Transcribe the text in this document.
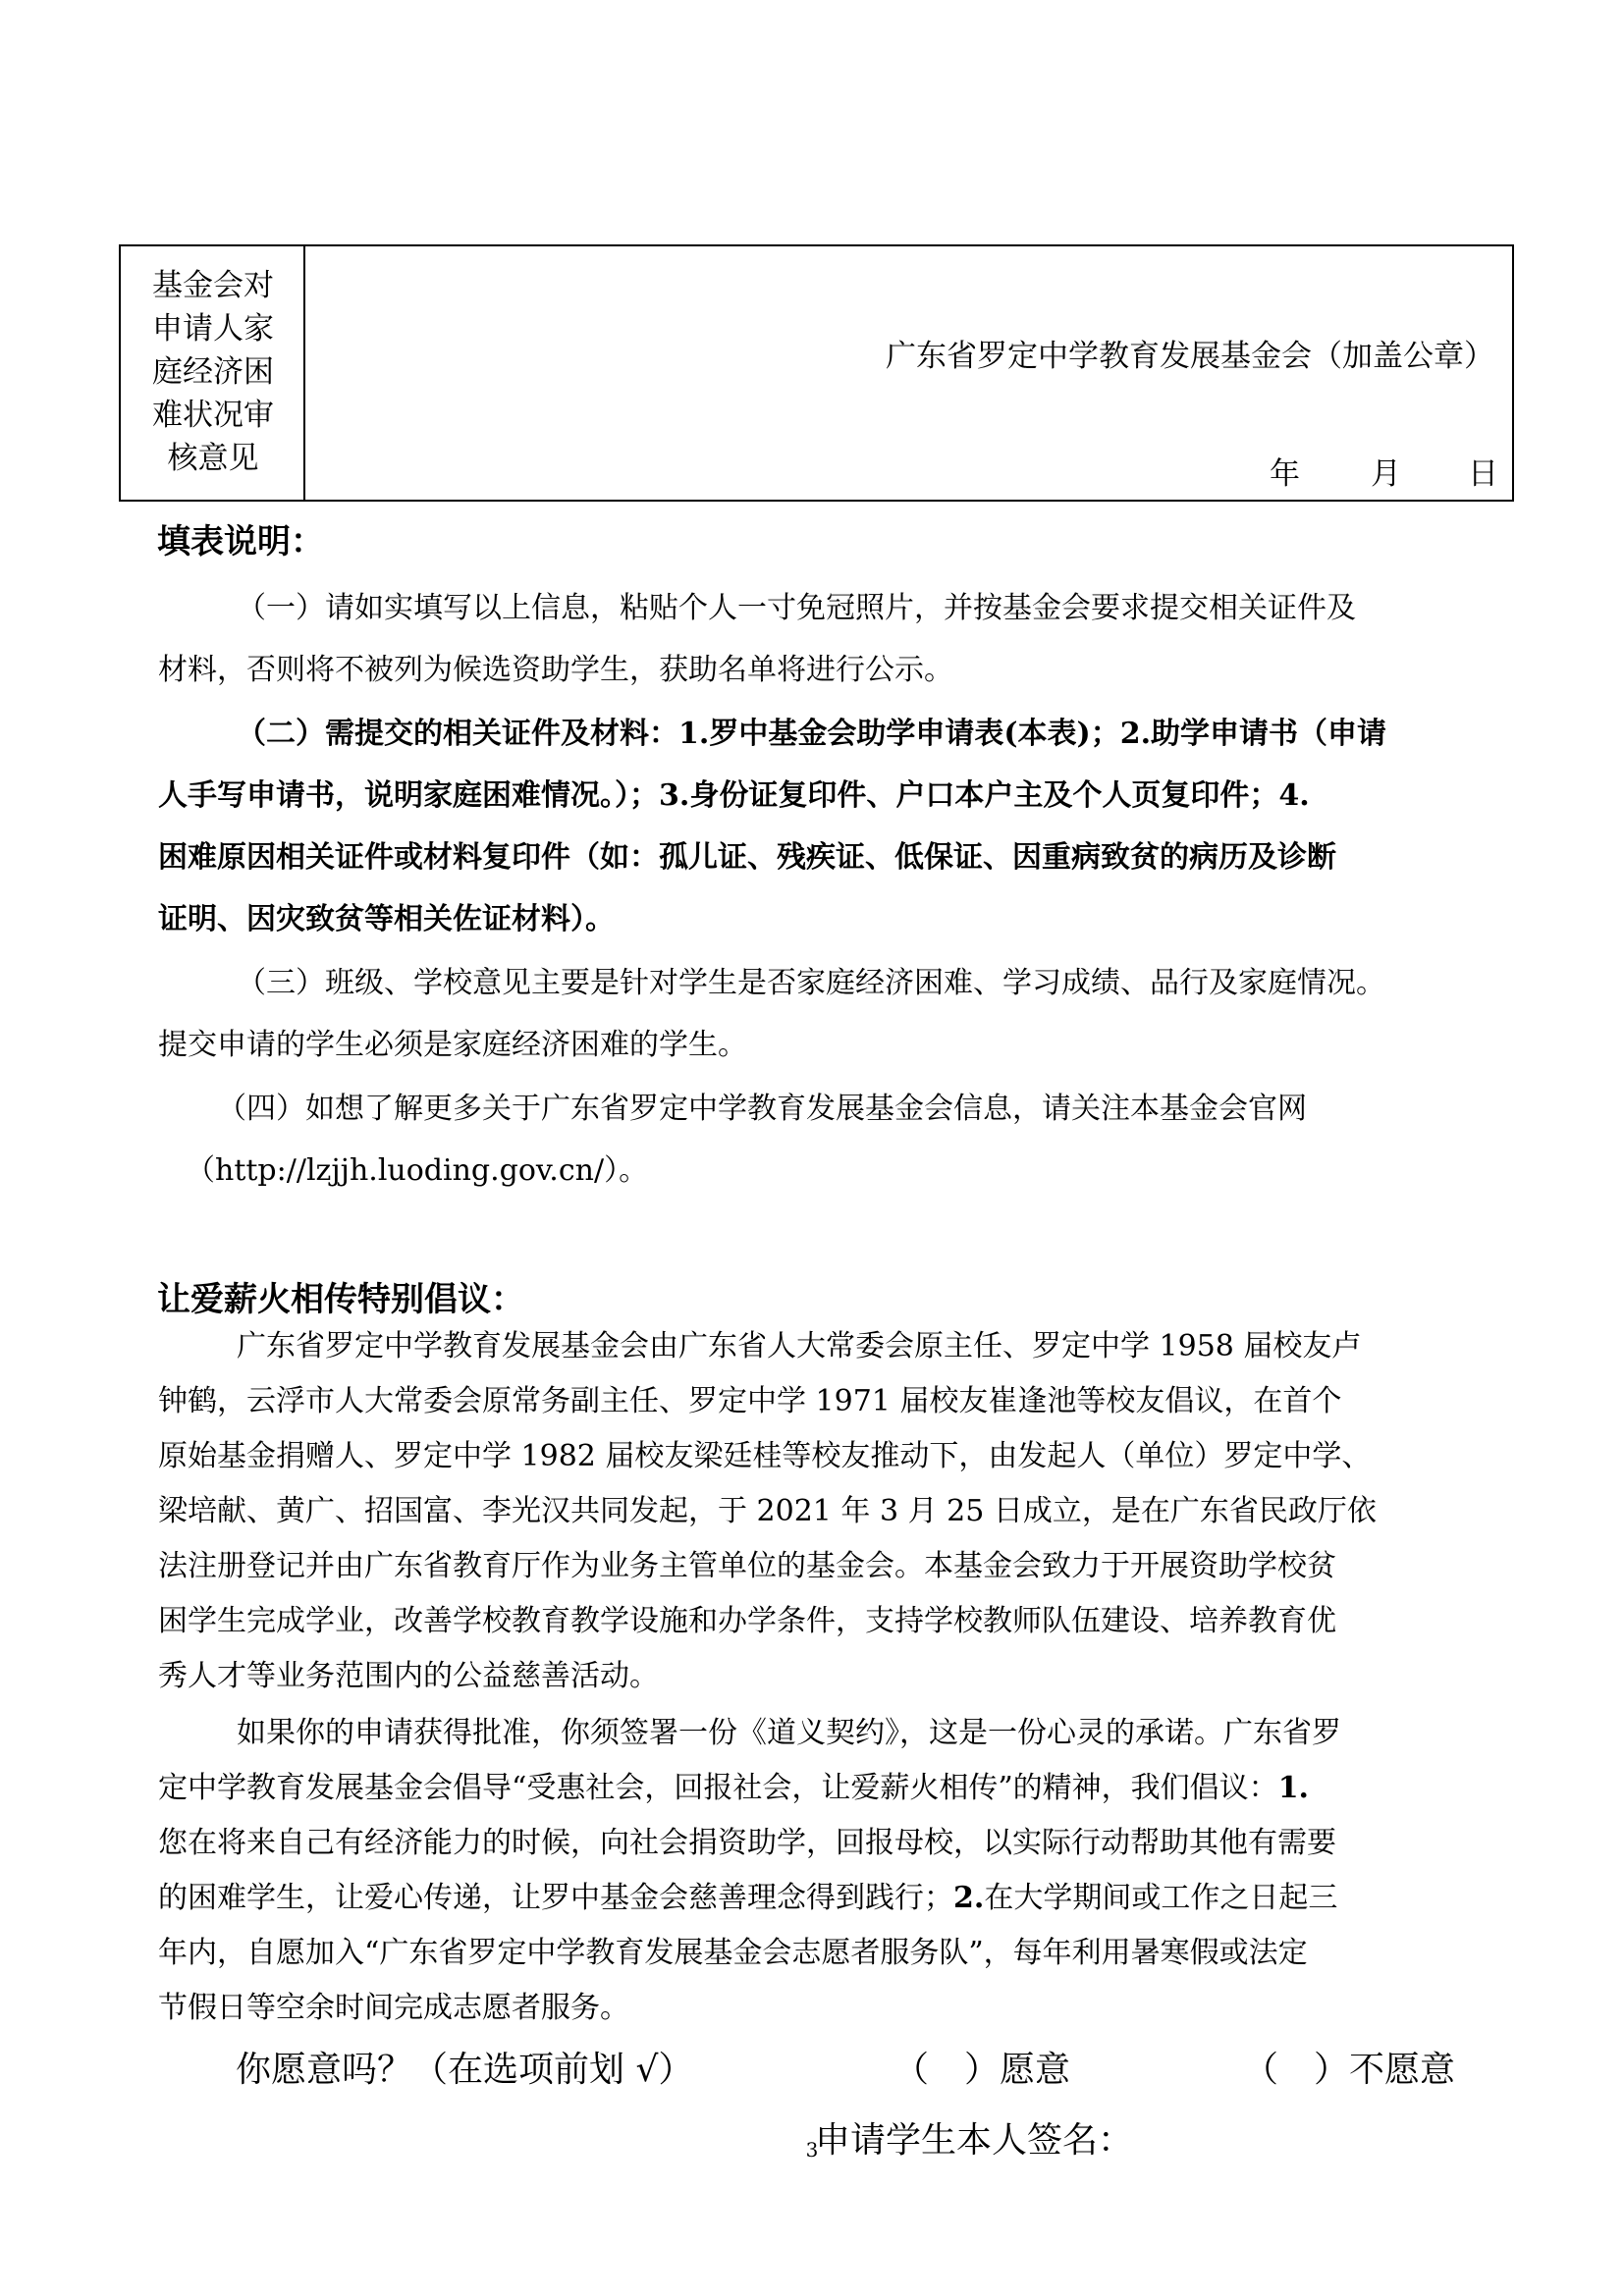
基金会对
申请人家
庭经济困
难状况审
核意见
广东省罗定中学教育发展基金会（加盖公章）
年 月 日
填表说明：
（一）请如实填写以上信息，粘贴个人一寸免冠照片，并按基金会要求提交相关证件及
材料，否则将不被列为候选资助学生，获助名单将进行公示。
（二）需提交的相关证件及材料：1.罗中基金会助学申请表(本表)；2.助学申请书（申请
人手写申请书，说明家庭困难情况。）；3.身份证复印件、户口本户主及个人页复印件；4.
困难原因相关证件或材料复印件（如：孤儿证、残疾证、低保证、因重病致贫的病历及诊断
证明、因灾致贫等相关佐证材料）。
（三）班级、学校意见主要是针对学生是否家庭经济困难、学习成绩、品行及家庭情况。
提交申请的学生必须是家庭经济困难的学生。
（四）如想了解更多关于广东省罗定中学教育发展基金会信息，请关注本基金会官网
（http://lzjjh.luoding.gov.cn/）。
让爱薪火相传特别倡议：
广东省罗定中学教育发展基金会由广东省人大常委会原主任、罗定中学 1958 届校友卢
钟鹤，云浮市人大常委会原常务副主任、罗定中学 1971 届校友崔逢池等校友倡议，在首个
原始基金捐赠人、罗定中学 1982 届校友梁廷桂等校友推动下，由发起人（单位）罗定中学、
梁培献、黄广、招国富、李光汉共同发起，于 2021 年 3 月 25 日成立，是在广东省民政厅依
法注册登记并由广东省教育厅作为业务主管单位的基金会。本基金会致力于开展资助学校贫
困学生完成学业，改善学校教育教学设施和办学条件，支持学校教师队伍建设、培养教育优
秀人才等业务范围内的公益慈善活动。
如果你的申请获得批准，你须签署一份《道义契约》，这是一份心灵的承诺。广东省罗
定中学教育发展基金会倡导“受惠社会，回报社会，让爱薪火相传”的精神，我们倡议：1.
您在将来自己有经济能力的时候，向社会捐资助学，回报母校，以实际行动帮助其他有需要
的困难学生，让爱心传递，让罗中基金会慈善理念得到践行；2.在大学期间或工作之日起三
年内，自愿加入“广东省罗定中学教育发展基金会志愿者服务队”，每年利用暑寒假或法定
节假日等空余时间完成志愿者服务。
你愿意吗？（在选项前划 √）	（　）愿意	（　）不愿意
申请学生本人签名：
3
